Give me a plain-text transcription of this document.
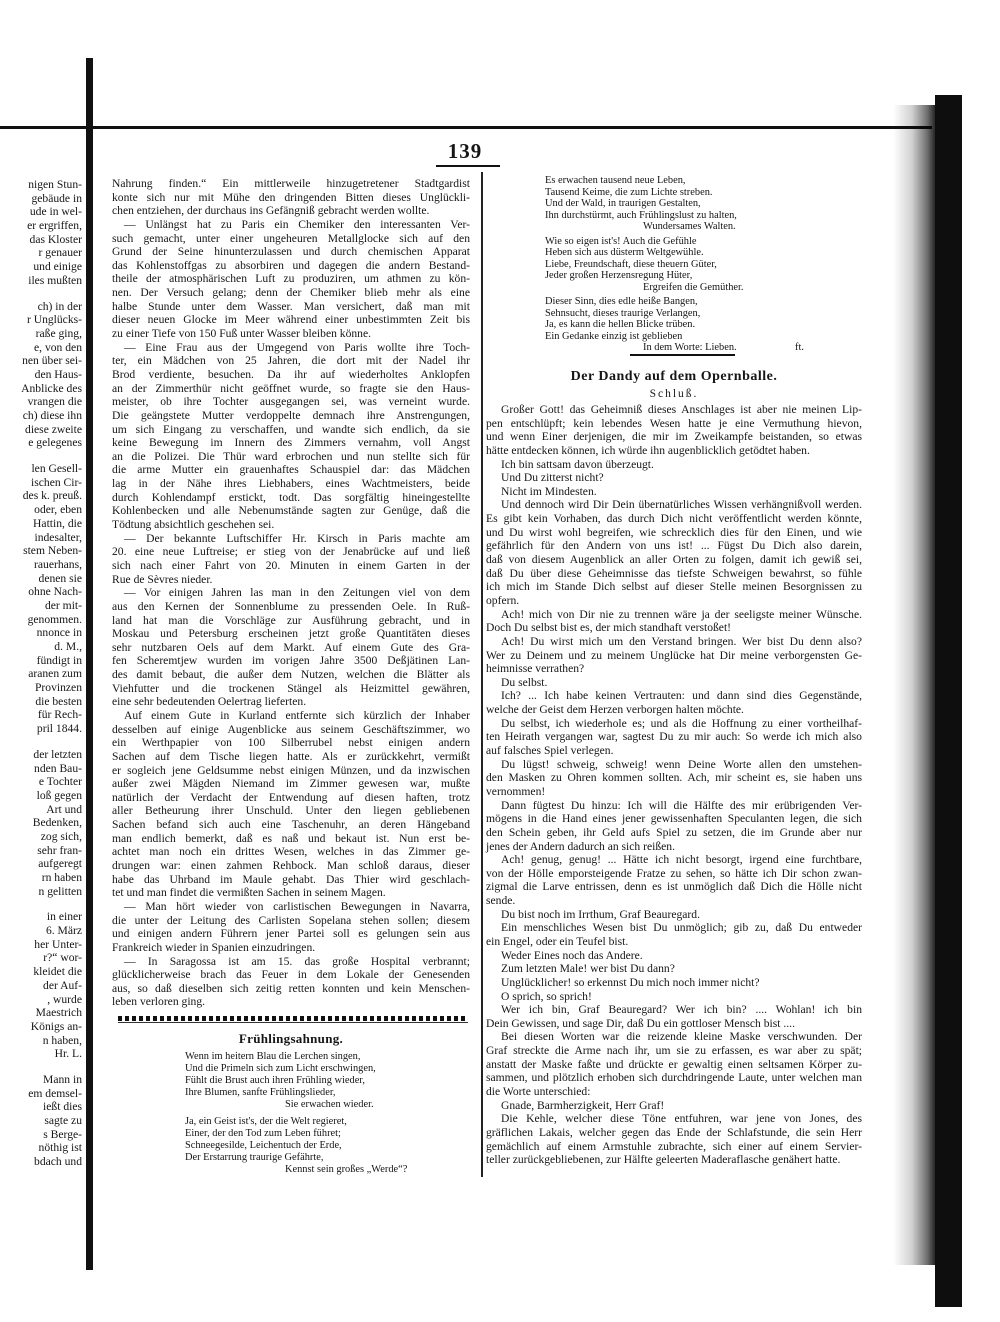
139
nigen Stun-
gebäude in
ude in wel-
er ergriffen,
das Kloster
r genauer
und einige
iles mußten
ch) in der
r Unglücks-
raße ging,
e, von den
nen über sei-
den Haus-
Anblicke des
vrangen die
ch) diese ihn
diese zweite
e gelegenes
len Gesell-
ischen Cir-
des k. preuß.
oder, eben
Hattin, die
indesalter,
stem Neben-
rauerhans,
denen sie
ohne Nach-
der mit-
genommen.
nnonce in
d. M.,
fündigt in
aranen zum
Provinzen
die besten
für Rech-
pril 1844.
der letzten
nden Bau-
e Tochter
loß gegen
Art und
Bedenken,
zog sich,
sehr fran-
aufgeregt
rn haben
n gelitten
in einer
6. März
her Unter-
r?“ wor-
kleidet die
der Auf-
, wurde
Maestrich
Königs an-
n haben,
Hr. L.
Mann in
em demsel-
ießt dies
sagte zu
s Berge-
nöthig ist
bdach und
Nahrung finden.“ Ein mittlerweile hinzugetretener Stadtgardist
konte sich nur mit Mühe den dringenden Bitten dieses Unglückli-
chen entziehen, der durchaus ins Gefängniß gebracht werden wollte.
— Unlängst hat zu Paris ein Chemiker den interessanten Ver-
such gemacht, unter einer ungeheuren Metallglocke sich auf den
Grund der Seine hinunterzulassen und durch chemischen Apparat
das Kohlenstoffgas zu absorbiren und dagegen die andern Bestand-
theile der atmosphärischen Luft zu produziren, um athmen zu kön-
nen. Der Versuch gelang; denn der Chemiker blieb mehr als eine
halbe Stunde unter dem Wasser. Man versichert, daß man mit
dieser neuen Glocke im Meer während einer unbestimmten Zeit bis
zu einer Tiefe von 150 Fuß unter Wasser bleiben könne.
— Eine Frau aus der Umgegend von Paris wollte ihre Toch-
ter, ein Mädchen von 25 Jahren, die dort mit der Nadel ihr
Brod verdiente, besuchen. Da ihr auf wiederholtes Anklopfen
an der Zimmerthür nicht geöffnet wurde, so fragte sie den Haus-
meister, ob ihre Tochter ausgegangen sei, was verneint wurde.
Die geängstete Mutter verdoppelte demnach ihre Anstrengungen,
um sich Eingang zu verschaffen, und wandte sich endlich, da sie
keine Bewegung im Innern des Zimmers vernahm, voll Angst
an die Polizei. Die Thür ward erbrochen und nun stellte sich für
die arme Mutter ein grauenhaftes Schauspiel dar: das Mädchen
lag in der Nähe ihres Liebhabers, eines Wachtmeisters, beide
durch Kohlendampf erstickt, todt. Das sorgfältig hineingestellte
Kohlenbecken und alle Nebenumstände sagten zur Genüge, daß die
Tödtung absichtlich geschehen sei.
— Der bekannte Luftschiffer Hr. Kirsch in Paris machte am
20. eine neue Luftreise; er stieg von der Jenabrücke auf und ließ
sich nach einer Fahrt von 20. Minuten in einem Garten in der
Rue de Sèvres nieder.
— Vor einigen Jahren las man in den Zeitungen viel von dem
aus den Kernen der Sonnenblume zu pressenden Oele. In Ruß-
land hat man die Vorschläge zur Ausführung gebracht, und in
Moskau und Petersburg erscheinen jetzt große Quantitäten dieses
sehr nutzbaren Oels auf dem Markt. Auf einem Gute des Gra-
fen Scheremtjew wurden im vorigen Jahre 3500 Deßjätinen Lan-
des damit bebaut, die außer dem Nutzen, welchen die Blätter als
Viehfutter und die trockenen Stängel als Heizmittel gewähren,
eine sehr bedeutenden Oelertrag lieferten.
Auf einem Gute in Kurland entfernte sich kürzlich der Inhaber
desselben auf einige Augenblicke aus seinem Geschäftszimmer, wo
ein Werthpapier von 100 Silberrubel nebst einigen andern
Sachen auf dem Tische liegen hatte. Als er zurückkehrt, vermißt
er sogleich jene Geldsumme nebst einigen Münzen, und da inzwischen
außer zwei Mägden Niemand im Zimmer gewesen war, mußte
natürlich der Verdacht der Entwendung auf diesen haften, trotz
aller Betheurung ihrer Unschuld. Unter den liegen gebliebenen
Sachen befand sich auch eine Taschenuhr, an deren Hängeband
man endlich bemerkt, daß es naß und bekaut ist. Nun erst be-
achtet man noch ein drittes Wesen, welches in das Zimmer ge-
drungen war: einen zahmen Rehbock. Man schloß daraus, dieser
habe das Uhrband im Maule gehabt. Das Thier wird geschlach-
tet und man findet die vermißten Sachen in seinem Magen.
— Man hört wieder von carlistischen Bewegungen in Navarra,
die unter der Leitung des Carlisten Sopelana stehen sollen; diesem
und einigen andern Führern jener Partei soll es gelungen sein aus
Frankreich wieder in Spanien einzudringen.
— In Saragossa ist am 15. das große Hospital verbrannt;
glücklicherweise brach das Feuer in dem Lokale der Genesenden
aus, so daß dieselben sich zeitig retten konnten und kein Menschen-
leben verloren ging.
Frühlingsahnung.
Wenn im heitern Blau die Lerchen singen,
Und die Primeln sich zum Licht erschwingen,
Fühlt die Brust auch ihren Frühling wieder,
Ihre Blumen, sanfte Frühlingslieder,
Sie erwachen wieder.
Ja, ein Geist ist's, der die Welt regieret,
Einer, der den Tod zum Leben führet;
Schneegesilde, Leichentuch der Erde,
Der Erstarrung traurige Gefährte,
Kennst sein großes „Werde“?
Es erwachen tausend neue Leben,
Tausend Keime, die zum Lichte streben.
Und der Wald, in traurigen Gestalten,
Ihn durchstürmt, auch Frühlingslust zu halten,
Wundersames Walten.
Wie so eigen ist's! Auch die Gefühle
Heben sich aus düsterm Weltgewühle.
Liebe, Freundschaft, diese theuern Güter,
Jeder großen Herzensregung Hüter,
Ergreifen die Gemüther.
Dieser Sinn, dies edle heiße Bangen,
Sehnsucht, dieses traurige Verlangen,
Ja, es kann die hellen Blicke trüben.
Ein Gedanke einzig ist geblieben
In dem Worte: Lieben.	ft.
Der Dandy auf dem Opernballe.
Schluß.
Großer Gott! das Geheimniß dieses Anschlages ist aber nie meinen Lip-
pen entschlüpft; kein lebendes Wesen hatte je eine Vermuthung hievon,
und wenn Einer derjenigen, die mir im Zweikampfe beistanden, so etwas
hätte entdecken können, ich würde ihn augenblicklich getödtet haben.
Ich bin sattsam davon überzeugt.
Und Du zitterst nicht?
Nicht im Mindesten.
Und dennoch wird Dir Dein übernatürliches Wissen verhängnißvoll werden.
Es gibt kein Vorhaben, das durch Dich nicht veröffentlicht werden könnte,
und Du wirst wohl begreifen, wie schrecklich dies für den Einen, und wie
gefährlich für den Andern von uns ist! ... Fügst Du Dich also darein,
daß von diesem Augenblick an aller Orten zu folgen, damit ich gewiß sei,
daß Du über diese Geheimnisse das tiefste Schweigen bewahrst, so fühle
ich mich im Stande Dich selbst auf dieser Stelle meinen Besorgnissen zu
opfern.
Ach! mich von Dir nie zu trennen wäre ja der seeligste meiner Wünsche.
Doch Du selbst bist es, der mich standhaft verstoßet!
Ach! Du wirst mich um den Verstand bringen. Wer bist Du denn also?
Wer zu Deinem und zu meinem Unglücke hat Dir meine verborgensten Ge-
heimnisse verrathen?
Du selbst.
Ich? ... Ich habe keinen Vertrauten: und dann sind dies Gegenstände,
welche der Geist dem Herzen verborgen halten möchte.
Du selbst, ich wiederhole es; und als die Hoffnung zu einer vortheilhaf-
ten Heirath vergangen war, sagtest Du zu mir auch: So werde ich mich also
auf falsches Spiel verlegen.
Du lügst! schweig, schweig! wenn Deine Worte allen den umstehen-
den Masken zu Ohren kommen sollten. Ach, mir scheint es, sie haben uns
vernommen!
Dann fügtest Du hinzu: Ich will die Hälfte des mir erübrigenden Ver-
mögens in die Hand eines jener gewissenhaften Speculanten legen, die sich
den Schein geben, ihr Geld aufs Spiel zu setzen, die im Grunde aber nur
jenes der Andern dadurch an sich reißen.
Ach! genug, genug! ... Hätte ich nicht besorgt, irgend eine furchtbare,
von der Hölle emporsteigende Fratze zu sehen, so hätte ich Dir schon zwan-
zigmal die Larve entrissen, denn es ist unmöglich daß Dich die Hölle nicht
sende.
Du bist noch im Irrthum, Graf Beauregard.
Ein menschliches Wesen bist Du unmöglich; gib zu, daß Du entweder
ein Engel, oder ein Teufel bist.
Weder Eines noch das Andere.
Zum letzten Male! wer bist Du dann?
Unglücklicher! so erkennst Du mich noch immer nicht?
O sprich, so sprich!
Wer ich bin, Graf Beauregard? Wer ich bin? .... Wohlan! ich bin
Dein Gewissen, und sage Dir, daß Du ein gottloser Mensch bist ....
Bei diesen Worten war die reizende kleine Maske verschwunden. Der
Graf streckte die Arme nach ihr, um sie zu erfassen, es war aber zu spät;
anstatt der Maske faßte und drückte er gewaltig einen seltsamen Körper zu-
sammen, und plötzlich erhoben sich durchdringende Laute, unter welchen man
die Worte unterschied:
Gnade, Barmherzigkeit, Herr Graf!
Die Kehle, welcher diese Töne entfuhren, war jene von Jones, des
gräflichen Lakais, welcher gegen das Ende der Schlafstunde, die sein Herr
gemächlich auf einem Armstuhle zubrachte, sich einer auf einem Servier-
teller zurückgebliebenen, zur Hälfte geleerten Maderaflasche genähert hatte.
